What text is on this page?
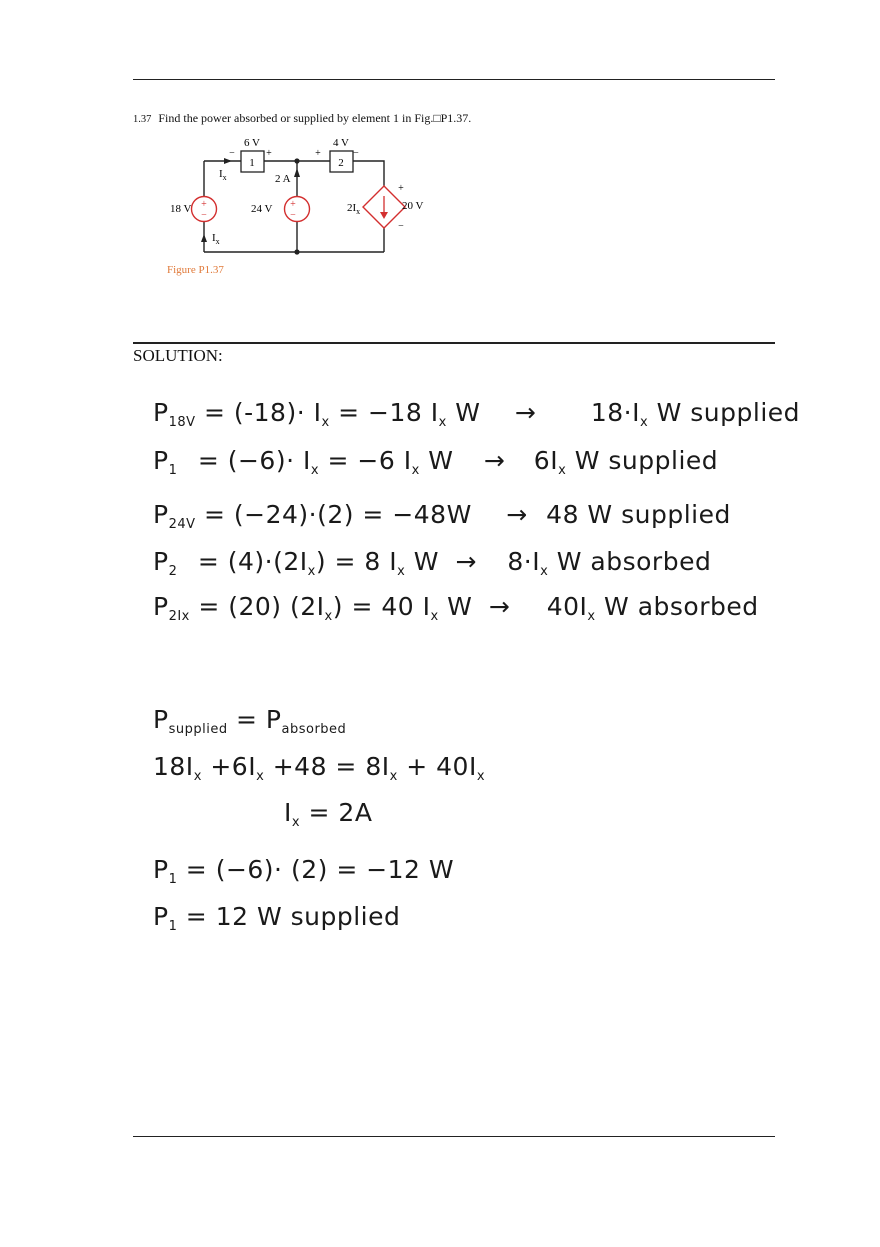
1.37 Find the power absorbed or supplied by element 1 in Fig.□P1.37.
1	2
6 V	4 V
−	+	+	−
$I_x$
$I_x$
2 A
+
−
18 V	+
−
24 V	$2I_x$	20 V
+
−
Figure P1.37
SOLUTION:
$P_{18V} = (-18)\cdot I_x = -18$ $I_x$ $W \to 18\cdot I_x$ W supplied
$P_1 = (-6)\cdot I_x = -6$ $I_x$ $W \to 6I_x$ W supplied
$P_{24V} = (-24)\cdot(2) = -48W \to 48$ W supplied
$P_2 = (4)\cdot(2I_x) = 8$ $I_x$ $W \to 8\cdot I_x$ W absorbed
$P_{2Ix} = (20) (2I_x) = 40$ $I_x$ $W \to 40I_x$ W absorbed
$P_{supplied} = P_{absorbed}$
$18I_x +6I_x +48 = 8I_x + 40I_x$
$I_x = 2A$
$P_1 = (-6)\cdot (2) = -12$ W
$P_1 = 12$ W supplied
